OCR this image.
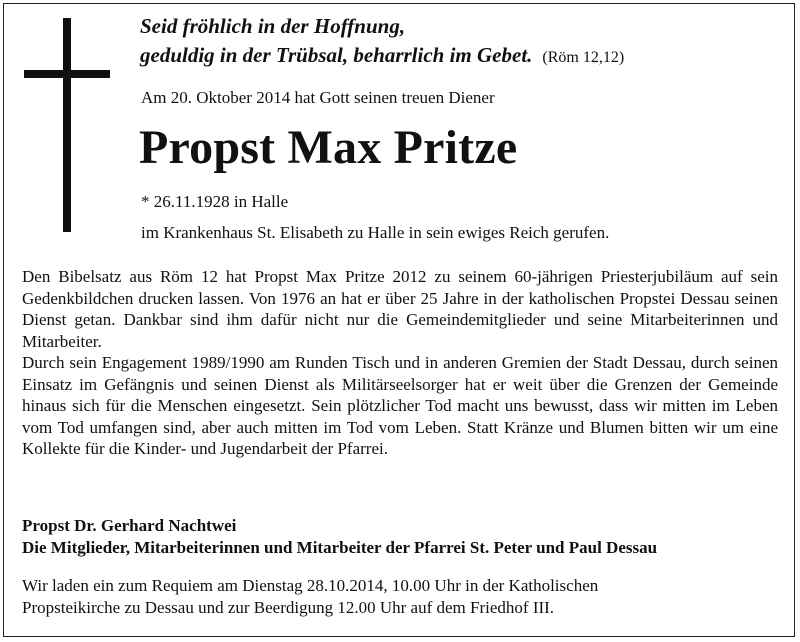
Seid fröhlich in der Hoffnung,
geduldig in der Trübsal, beharrlich im Gebet. (Röm 12,12)
Am 20. Oktober 2014 hat Gott seinen treuen Diener
Propst Max Pritze
* 26.11.1928 in Halle
im Krankenhaus St. Elisabeth zu Halle in sein ewiges Reich gerufen.

Den Bibelsatz aus Röm 12 hat Propst Max Pritze 2012 zu seinem 60-jährigen Priesterjubiläum auf sein Gedenkbildchen drucken lassen. Von 1976 an hat er über 25 Jahre in der katholischen Propstei Dessau seinen Dienst getan. Dankbar sind ihm dafür nicht nur die Gemeindemitglieder und seine Mitarbeiterinnen und Mitarbeiter.

Durch sein Engagement 1989/1990 am Runden Tisch und in anderen Gremien der Stadt Dessau, durch seinen Einsatz im Gefängnis und seinen Dienst als Militärseelsorger hat er weit über die Grenzen der Gemeinde hinaus sich für die Menschen eingesetzt. Sein plötzlicher Tod macht uns bewusst, dass wir mitten im Leben vom Tod umfangen sind, aber auch mitten im Tod vom Leben. Statt Kränze und Blumen bitten wir um eine Kollekte für die Kinder- und Jugendarbeit der Pfarrei.

Propst Dr. Gerhard Nachtwei
Die Mitglieder, Mitarbeiterinnen und Mitarbeiter der Pfarrei St. Peter und Paul Dessau
Wir laden ein zum Requiem am Dienstag 28.10.2014, 10.00 Uhr in der Katholischen
Propsteikirche zu Dessau und zur Beerdigung 12.00 Uhr auf dem Friedhof III.
